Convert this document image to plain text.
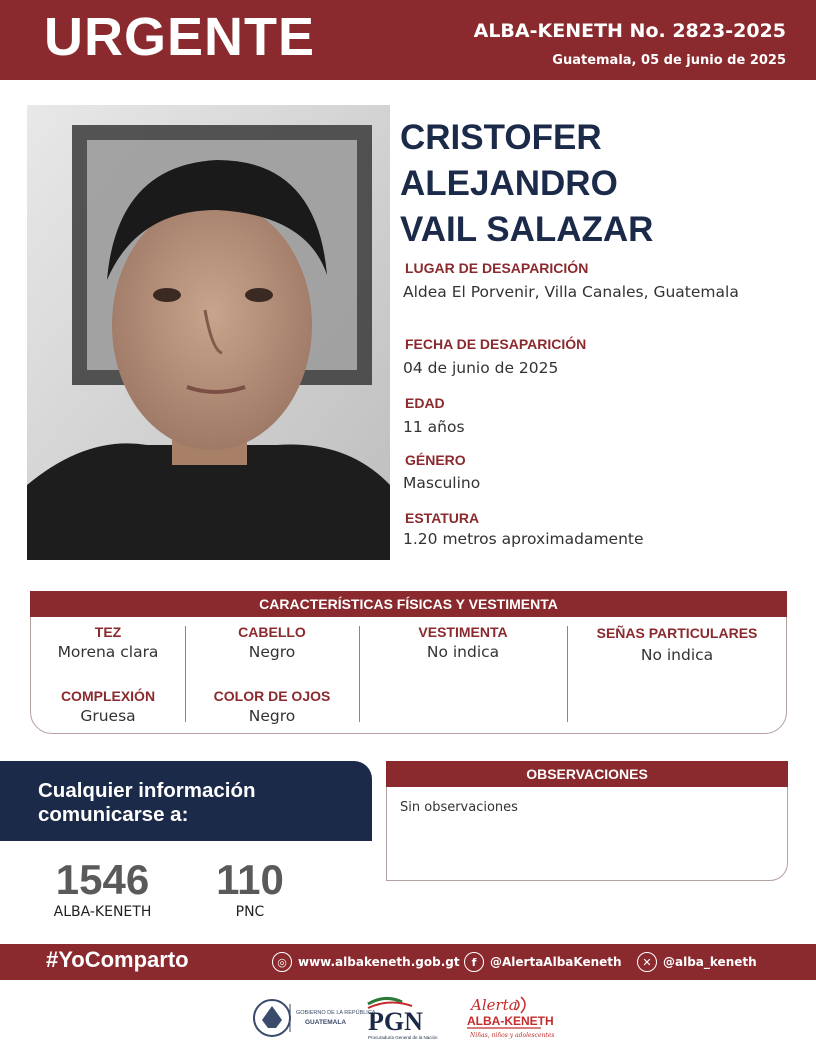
URGENTE	ALBA-KENETH No. 2823-2025
Guatemala, 05 de junio de 2025
CRISTOFER
ALEJANDRO
VAIL SALAZAR
LUGAR DE DESAPARICIÓN
Aldea El Porvenir, Villa Canales, Guatemala
FECHA DE DESAPARICIÓN
04 de junio de 2025
EDAD
11 años
GÉNERO
Masculino
ESTATURA
1.20 metros aproximadamente
CARACTERÍSTICAS FÍSICAS Y VESTIMENTA
TEZ
Morena clara
COMPLEXIÓN
Gruesa
CABELLO
Negro
COLOR DE OJOS
Negro
VESTIMENTA
No indica
SEÑAS PARTICULARES
No indica
Cualquier información comunicarse a:
1546
ALBA-KENETH
110
PNC
OBSERVACIONES
Sin observaciones
#YoComparto	◎ www.albakeneth.gob.gt	f	@AlertaAlbaKeneth	✕ @alba_keneth
GOBIERNO DE LA REPÚBLICA
GUATEMALA PGN
Procuraduría General de la Nación
Alerta
ALBA-KENETH
Niñas, niños y adolescentes
